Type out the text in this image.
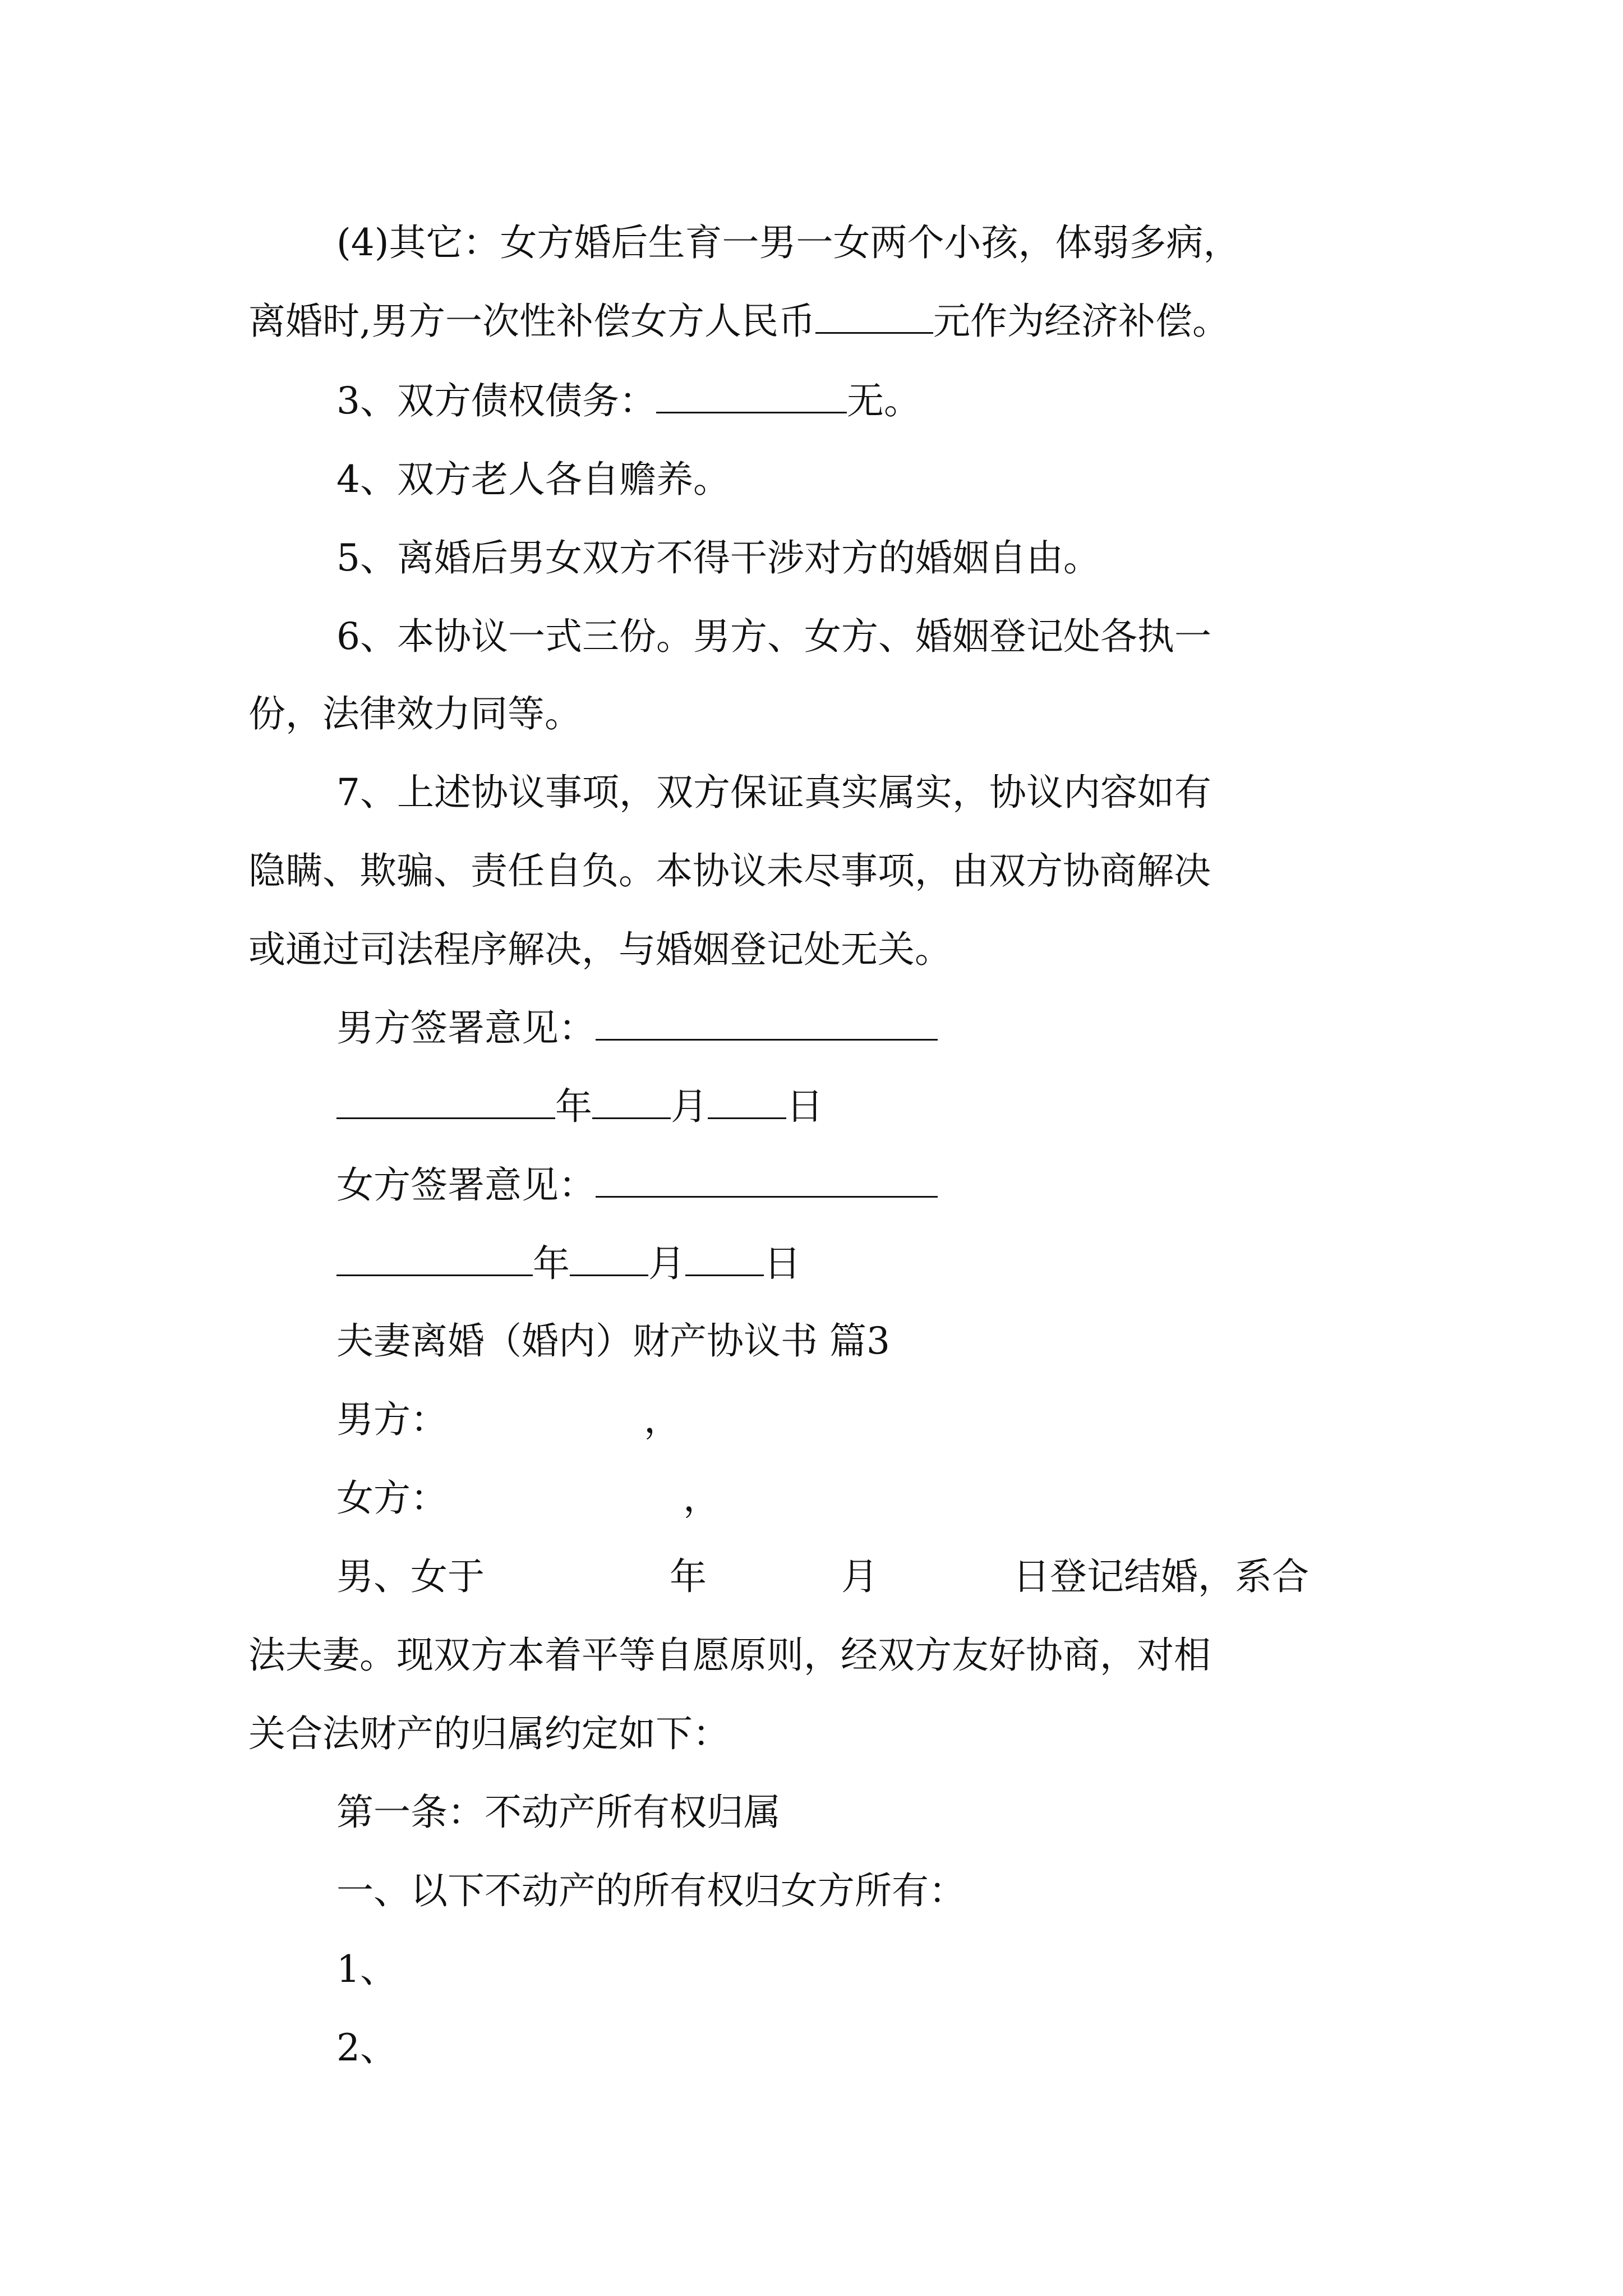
(4)其它：女方婚后生育一男一女两个小孩，体弱多病，

离婚时,男方一次性补偿女方人民币	元作为经济补偿。

3、双方债权债务：	无。

4、双方老人各自赡养。

5、离婚后男女双方不得干涉对方的婚姻自由。

6、本协议一式三份。男方、女方、婚姻登记处各执一

份，法律效力同等。

7、上述协议事项，双方保证真实属实，协议内容如有

隐瞒、欺骗、责任自负。本协议未尽事项，由双方协商解决

或通过司法程序解决，与婚姻登记处无关。

男方签署意见：

年 月 日

女方签署意见：

年 月 日

夫妻离婚（婚内）财产协议书 篇3

男方：	，

女方：	，

男、女于	年	月	日登记结婚，系合

法夫妻。现双方本着平等自愿原则，经双方友好协商，对相

关合法财产的归属约定如下：

第一条：不动产所有权归属

一、以下不动产的所有权归女方所有：

1、

2、
